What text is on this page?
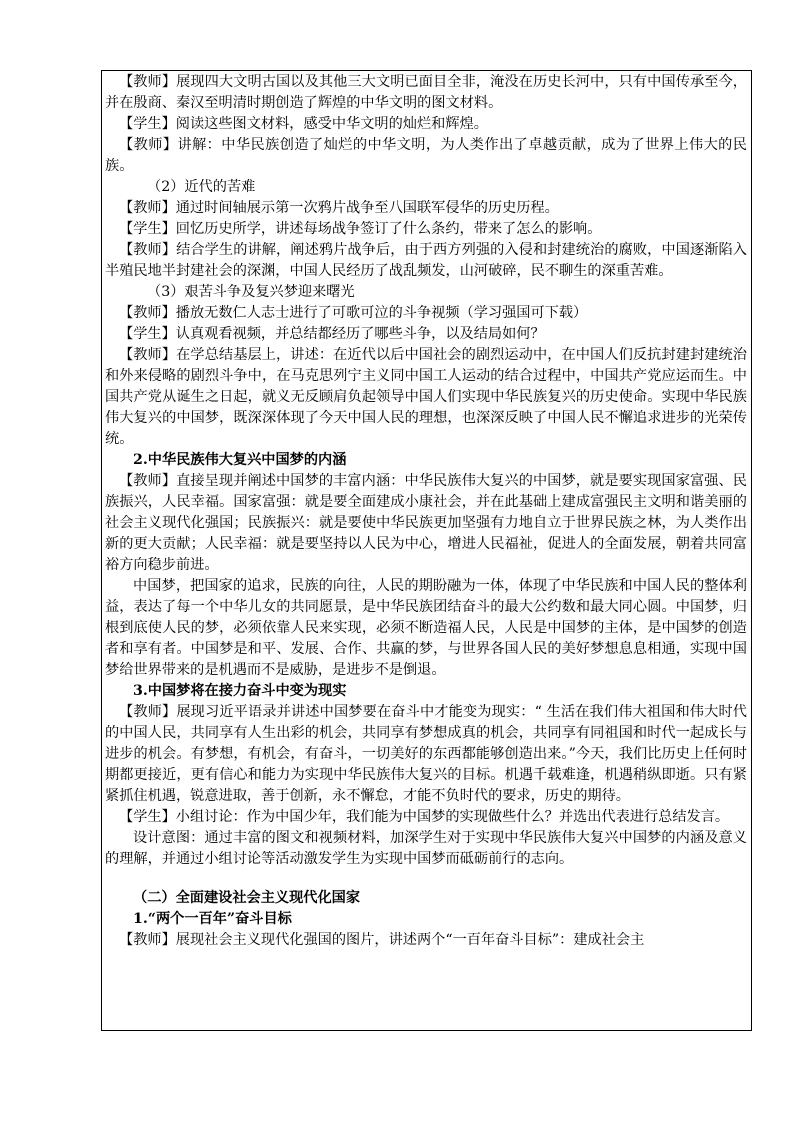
【教师】展现四大文明古国以及其他三大文明已面目全非，淹没在历史长河中，只有中国传承至今，并在殷商、秦汉至明清时期创造了辉煌的中华文明的图文材料。

【学生】阅读这些图文材料，感受中华文明的灿烂和辉煌。

【教师】讲解：中华民族创造了灿烂的中华文明，为人类作出了卓越贡献，成为了世界上伟大的民族。

（2）近代的苦难

【教师】通过时间轴展示第一次鸦片战争至八国联军侵华的历史历程。

【学生】回忆历史所学，讲述每场战争签订了什么条约，带来了怎么的影响。

【教师】结合学生的讲解，阐述鸦片战争后，由于西方列强的入侵和封建统治的腐败，中国逐渐陷入半殖民地半封建社会的深渊，中国人民经历了战乱频发，山河破碎，民不聊生的深重苦难。

（3）艰苦斗争及复兴梦迎来曙光

【教师】播放无数仁人志士进行了可歌可泣的斗争视频（学习强国可下载）

【学生】认真观看视频，并总结都经历了哪些斗争，以及结局如何？

【教师】在学总结基层上，讲述：在近代以后中国社会的剧烈运动中，在中国人们反抗封建封建统治和外来侵略的剧烈斗争中，在马克思列宁主义同中国工人运动的结合过程中，中国共产党应运而生。中国共产党从诞生之日起，就义无反顾肩负起领导中国人们实现中华民族复兴的历史使命。实现中华民族伟大复兴的中国梦，既深深体现了今天中国人民的理想，也深深反映了中国人民不懈追求进步的光荣传统。

2.中华民族伟大复兴中国梦的内涵

【教师】直接呈现并阐述中国梦的丰富内涵：中华民族伟大复兴的中国梦，就是要实现国家富强、民族振兴，人民幸福。国家富强：就是要全面建成小康社会，并在此基础上建成富强民主文明和谐美丽的社会主义现代化强国；民族振兴：就是要使中华民族更加坚强有力地自立于世界民族之林，为人类作出新的更大贡献；人民幸福：就是要坚持以人民为中心，增进人民福祉，促进人的全面发展，朝着共同富裕方向稳步前进。

中国梦，把国家的追求，民族的向往，人民的期盼融为一体，体现了中华民族和中国人民的整体利益，表达了每一个中华儿女的共同愿景，是中华民族团结奋斗的最大公约数和最大同心圆。中国梦，归根到底使人民的梦，必须依靠人民来实现，必须不断造福人民，人民是中国梦的主体，是中国梦的创造者和享有者。中国梦是和平、发展、合作、共赢的梦，与世界各国人民的美好梦想息息相通，实现中国梦给世界带来的是机遇而不是威胁，是进步不是倒退。

3.中国梦将在接力奋斗中变为现实

【教师】展现习近平语录并讲述中国梦要在奋斗中才能变为现实：“ 生活在我们伟大祖国和伟大时代的中国人民，共同享有人生出彩的机会，共同享有梦想成真的机会，共同享有同祖国和时代一起成长与进步的机会。有梦想，有机会，有奋斗，一切美好的东西都能够创造出来。”今天，我们比历史上任何时期都更接近，更有信心和能力为实现中华民族伟大复兴的目标。机遇千载难逢，机遇稍纵即逝。只有紧紧抓住机遇，锐意进取，善于创新，永不懈怠，才能不负时代的要求，历史的期待。

【学生】小组讨论：作为中国少年，我们能为中国梦的实现做些什么？并选出代表进行总结发言。

设计意图：通过丰富的图文和视频材料，加深学生对于实现中华民族伟大复兴中国梦的内涵及意义的理解，并通过小组讨论等活动激发学生为实现中国梦而砥砺前行的志向。

（二）全面建设社会主义现代化国家

1.“两个一百年”奋斗目标

【教师】展现社会主义现代化强国的图片，讲述两个“一百年奋斗目标”：建成社会主
